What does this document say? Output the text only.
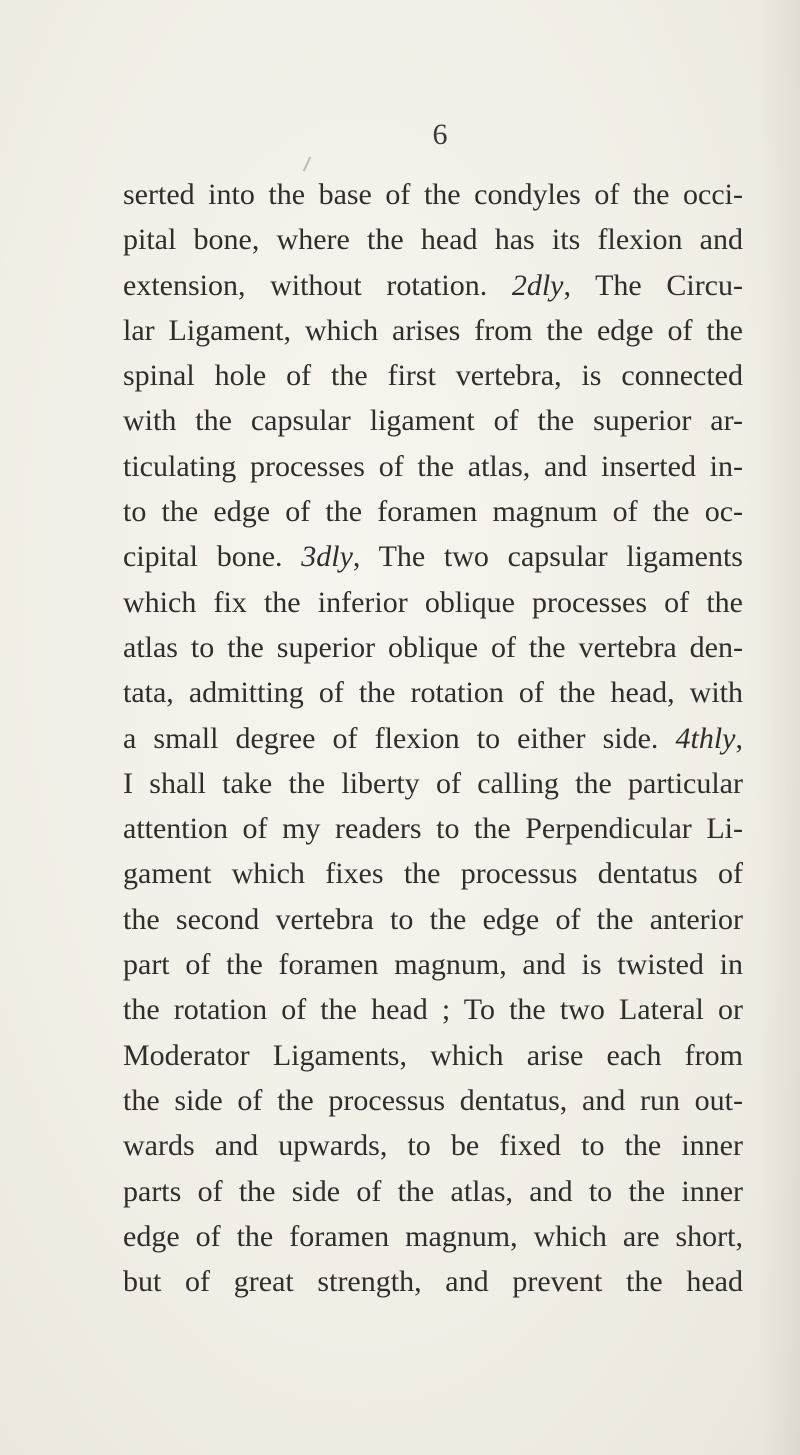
6
serted into the base of the condyles of the occi-
pital bone, where the head has its flexion and
extension, without rotation. 2dly, The Circu-
lar Ligament, which arises from the edge of the
spinal hole of the first vertebra, is connected
with the capsular ligament of the superior ar-
ticulating processes of the atlas, and inserted in-
to the edge of the foramen magnum of the oc-
cipital bone. 3dly, The two capsular ligaments
which fix the inferior oblique processes of the
atlas to the superior oblique of the vertebra den-
tata, admitting of the rotation of the head, with
a small degree of flexion to either side. 4thly,
I shall take the liberty of calling the particular
attention of my readers to the Perpendicular Li-
gament which fixes the processus dentatus of
the second vertebra to the edge of the anterior
part of the foramen magnum, and is twisted in
the rotation of the head ; To the two Lateral or
Moderator Ligaments, which arise each from
the side of the processus dentatus, and run out-
wards and upwards, to be fixed to the inner
parts of the side of the atlas, and to the inner
edge of the foramen magnum, which are short,
but of great strength, and prevent the head
